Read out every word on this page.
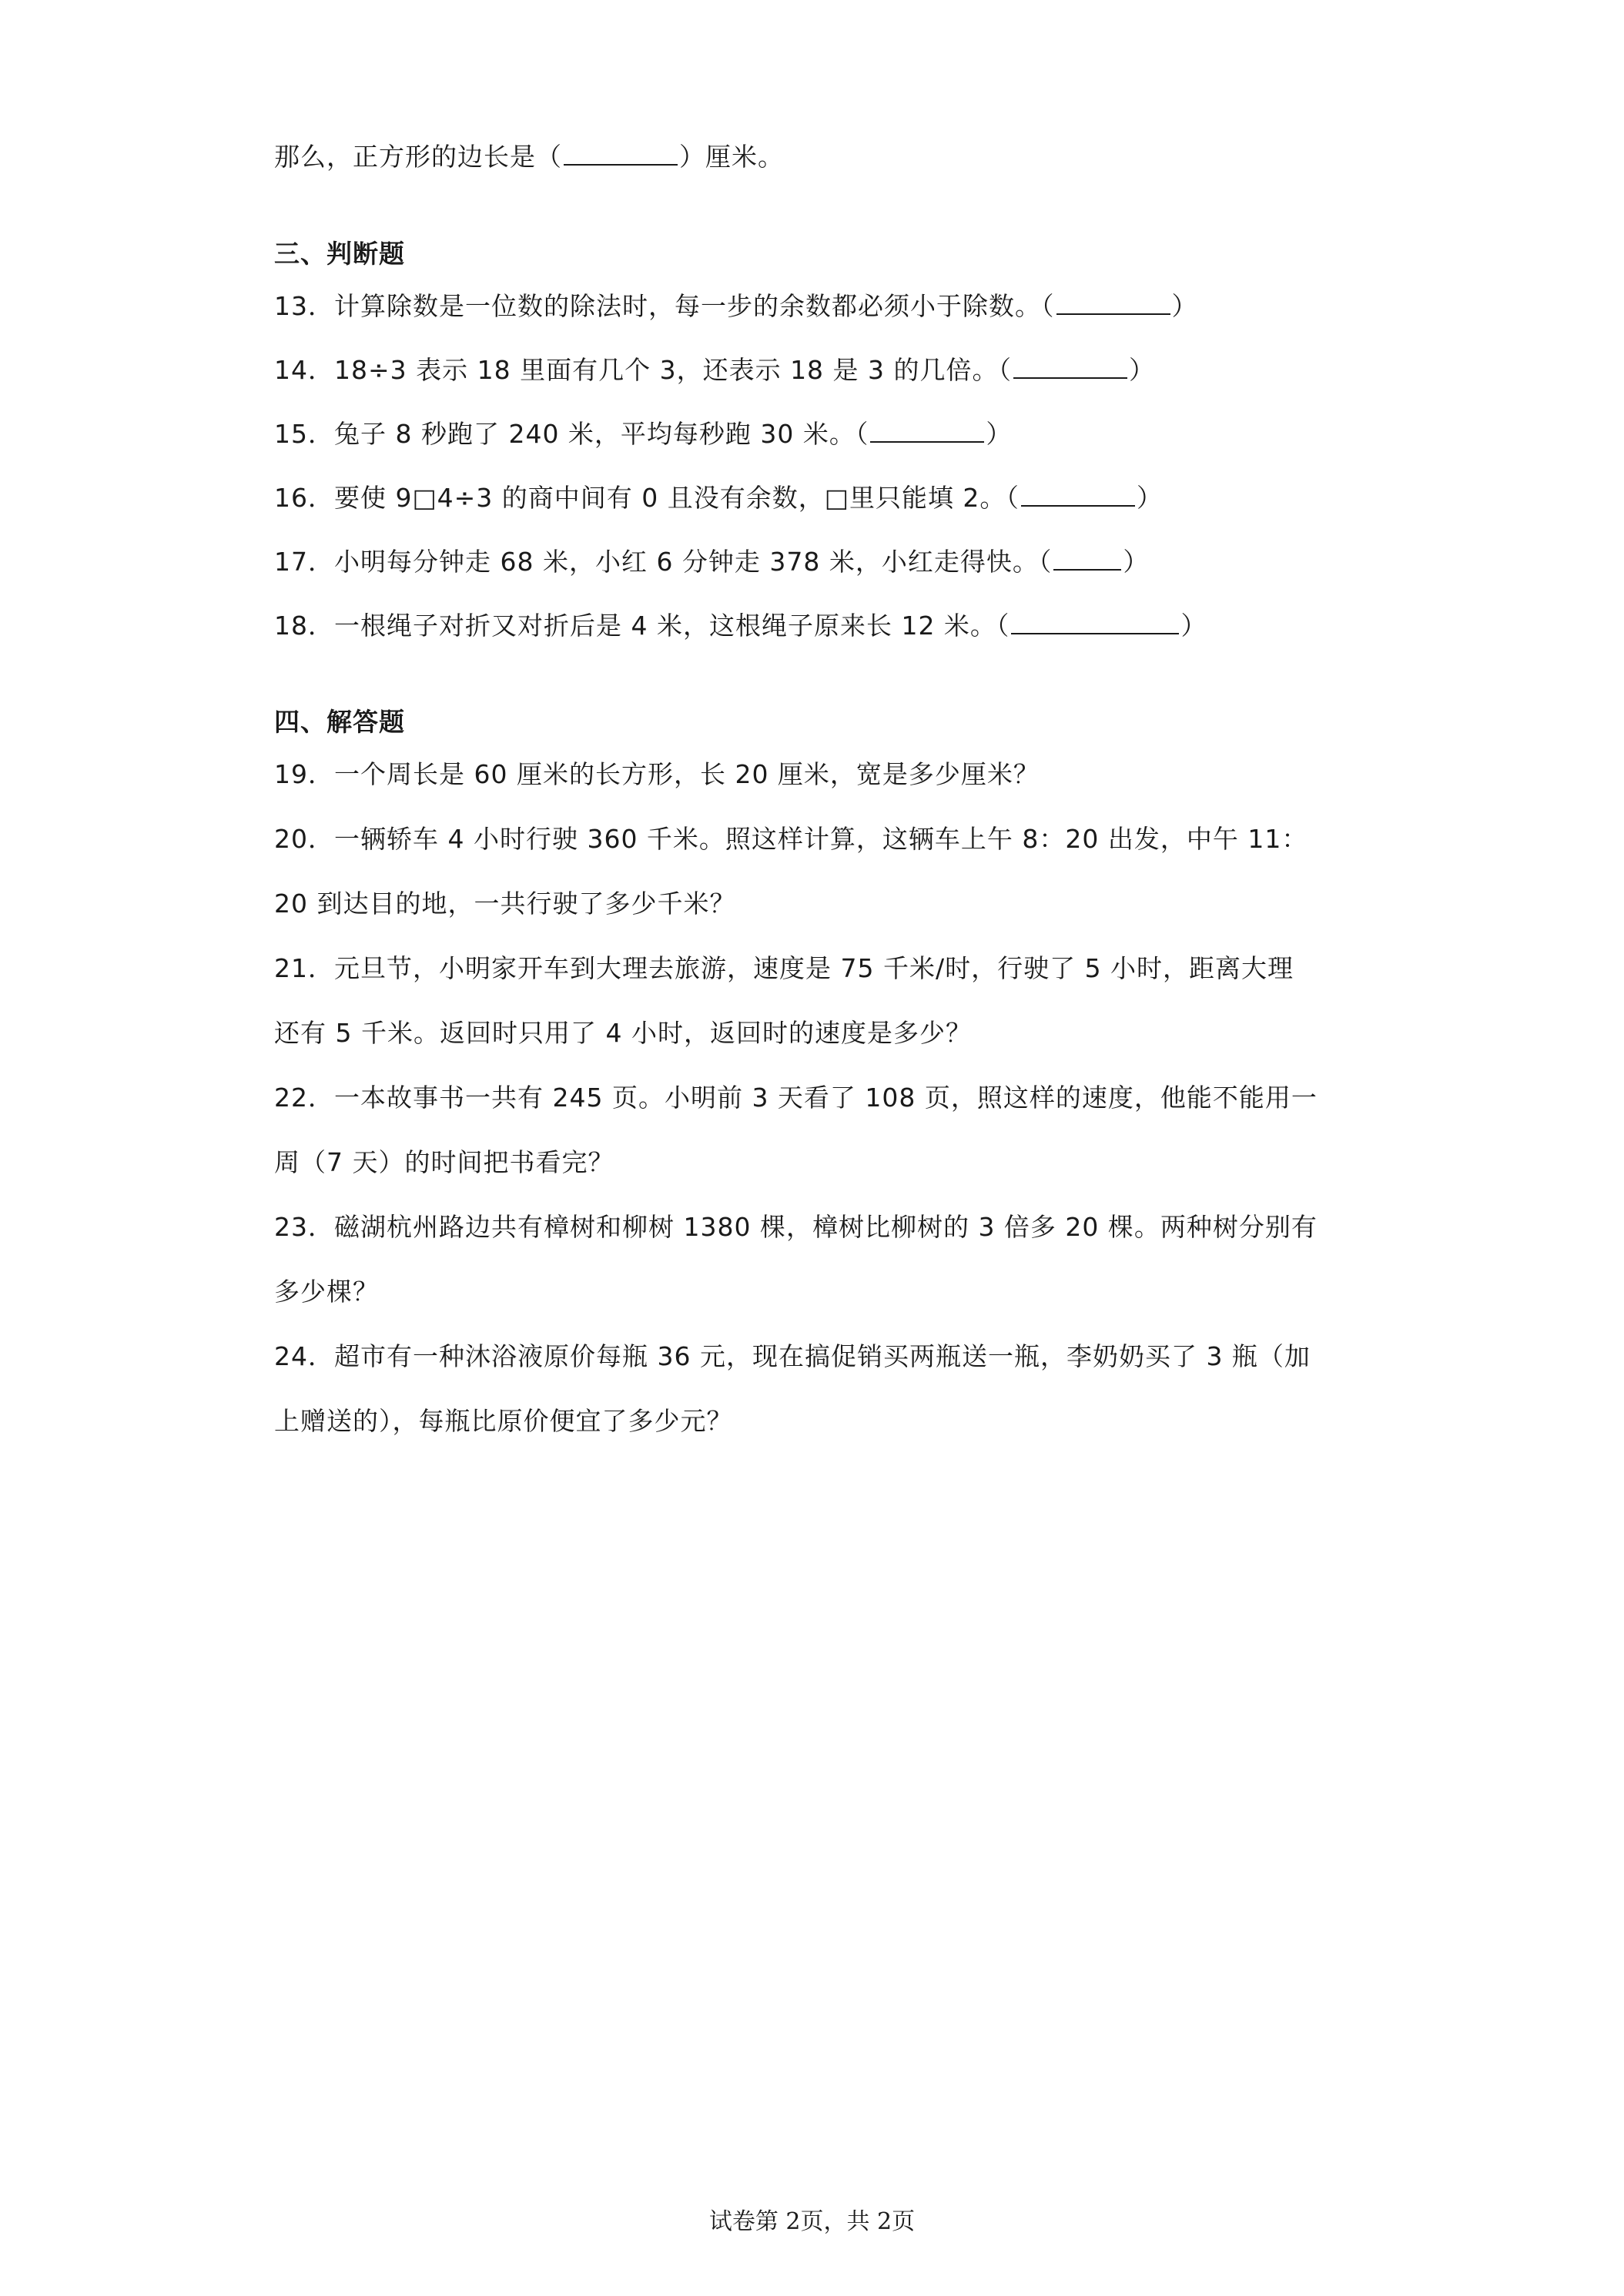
那么，正方形的边长是（	）厘米。
三、判断题
13．计算除数是一位数的除法时，每一步的余数都必须小于除数。（	）
14．18÷3 表示 18 里面有几个 3，还表示 18 是 3 的几倍。（	）
15．兔子 8 秒跑了 240 米，平均每秒跑 30 米。（	）
16．要使 9□4÷3 的商中间有 0 且没有余数，□里只能填 2。（	）
17．小明每分钟走 68 米，小红 6 分钟走 378 米，小红走得快。（	）
18．一根绳子对折又对折后是 4 米，这根绳子原来长 12 米。（	）
四、解答题
19．一个周长是 60 厘米的长方形，长 20 厘米，宽是多少厘米？
20．一辆轿车 4 小时行驶 360 千米。照这样计算，这辆车上午 8：20 出发，中午 11：
20 到达目的地，一共行驶了多少千米？
21．元旦节，小明家开车到大理去旅游，速度是 75 千米/时，行驶了 5 小时，距离大理
还有 5 千米。返回时只用了 4 小时，返回时的速度是多少？
22．一本故事书一共有 245 页。小明前 3 天看了 108 页，照这样的速度，他能不能用一
周（7 天）的时间把书看完？
23．磁湖杭州路边共有樟树和柳树 1380 棵，樟树比柳树的 3 倍多 20 棵。两种树分别有
多少棵？
24．超市有一种沐浴液原价每瓶 36 元，现在搞促销买两瓶送一瓶，李奶奶买了 3 瓶（加
上赠送的），每瓶比原价便宜了多少元？
试卷第 2页，共 2页
